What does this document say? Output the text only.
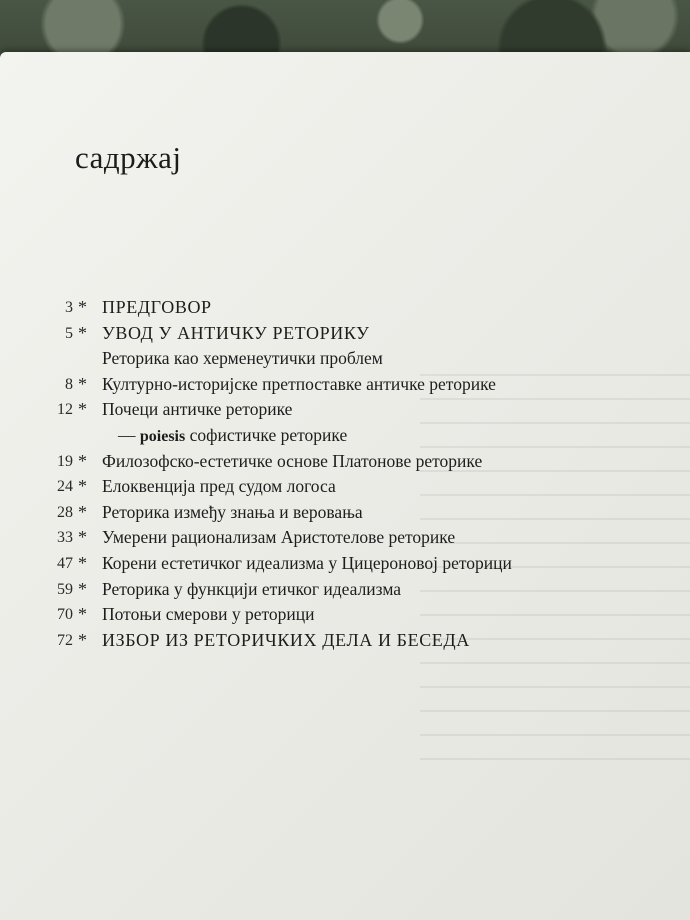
садржај
3 * ПРЕДГОВОР
5 * УВОД У АНТИЧКУ РЕТОРИКУ
Реторика као херменеутички проблем
8 * Културно-историјске претпоставке античке реторике
12 * Почеци античке реторике
— poiesis софистичке реторике
19 * Филозофско-естетичке основе Платонове реторике
24 * Елоквенција пред судом логоса
28 * Реторика између знања и веровања
33 * Умерени рационализам Аристотелове реторике
47 * Корени естетичког идеализма у Цицероновој реторици
59 * Реторика у функцији етичког идеализма
70 * Потоњи смерови у реторици
72 * ИЗБОР ИЗ РЕТОРИЧКИХ ДЕЛА И БЕСЕДА
